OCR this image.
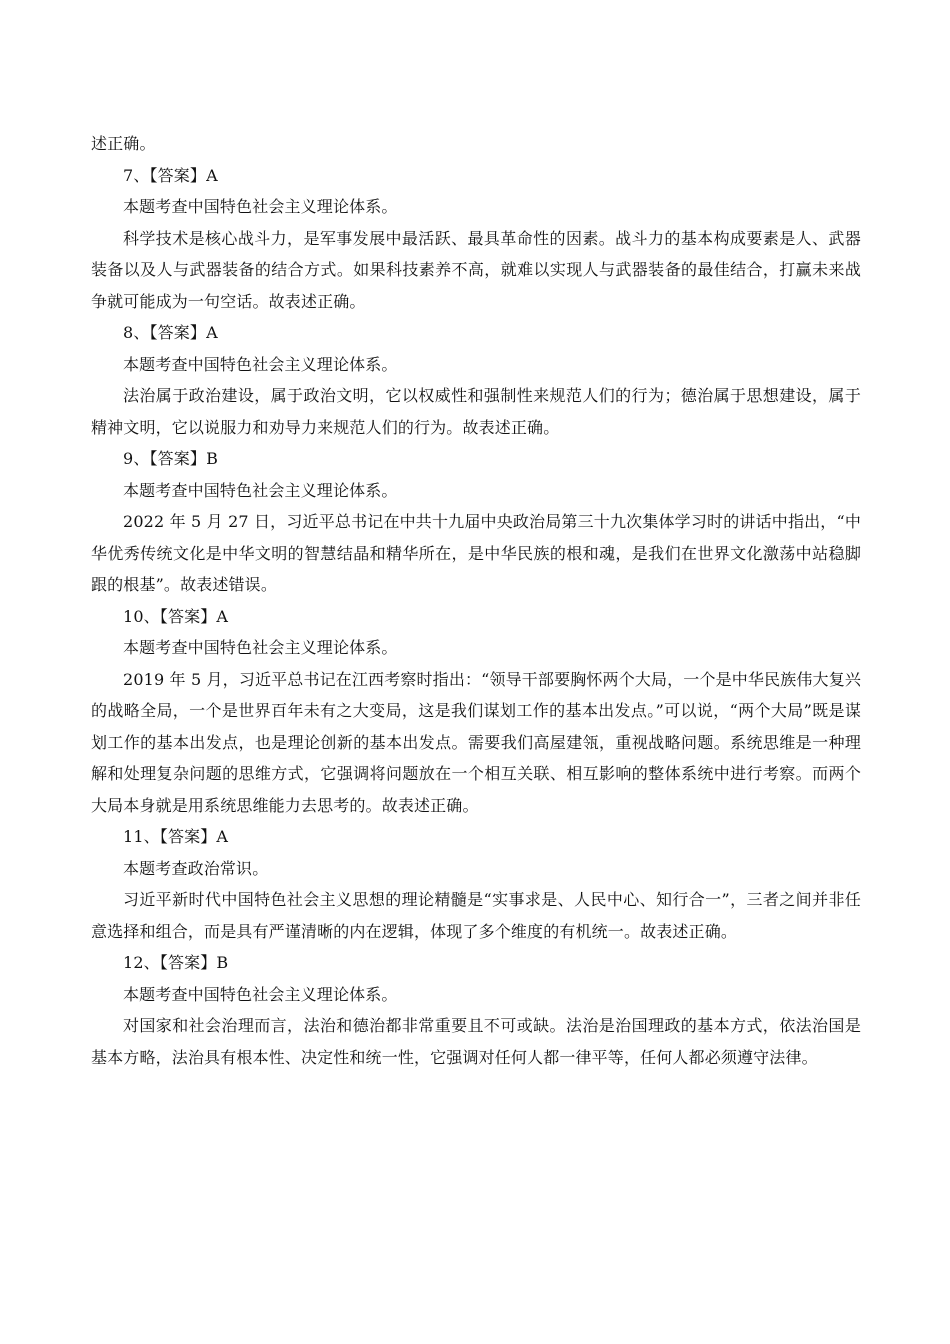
述正确。

7、【答案】A

本题考查中国特色社会主义理论体系。

科学技术是核心战斗力，是军事发展中最活跃、最具革命性的因素。战斗力的基本构成要素是人、武器装备以及人与武器装备的结合方式。如果科技素养不高，就难以实现人与武器装备的最佳结合，打赢未来战争就可能成为一句空话。故表述正确。

8、【答案】A

本题考查中国特色社会主义理论体系。

法治属于政治建设，属于政治文明，它以权威性和强制性来规范人们的行为；德治属于思想建设，属于精神文明，它以说服力和劝导力来规范人们的行为。故表述正确。

9、【答案】B

本题考查中国特色社会主义理论体系。

2022 年 5 月 27 日，习近平总书记在中共十九届中央政治局第三十九次集体学习时的讲话中指出，“中华优秀传统文化是中华文明的智慧结晶和精华所在，是中华民族的根和魂，是我们在世界文化激荡中站稳脚跟的根基”。故表述错误。

10、【答案】A

本题考查中国特色社会主义理论体系。

2019 年 5 月，习近平总书记在江西考察时指出：“领导干部要胸怀两个大局，一个是中华民族伟大复兴的战略全局，一个是世界百年未有之大变局，这是我们谋划工作的基本出发点。”可以说，“两个大局”既是谋划工作的基本出发点，也是理论创新的基本出发点。需要我们高屋建瓴，重视战略问题。系统思维是一种理解和处理复杂问题的思维方式，它强调将问题放在一个相互关联、相互影响的整体系统中进行考察。而两个大局本身就是用系统思维能力去思考的。故表述正确。

11、【答案】A

本题考查政治常识。

习近平新时代中国特色社会主义思想的理论精髓是“实事求是、人民中心、知行合一”，三者之间并非任意选择和组合，而是具有严谨清晰的内在逻辑，体现了多个维度的有机统一。故表述正确。

12、【答案】B

本题考查中国特色社会主义理论体系。

对国家和社会治理而言，法治和德治都非常重要且不可或缺。法治是治国理政的基本方式，依法治国是基本方略，法治具有根本性、决定性和统一性，它强调对任何人都一律平等，任何人都必须遵守法律。
